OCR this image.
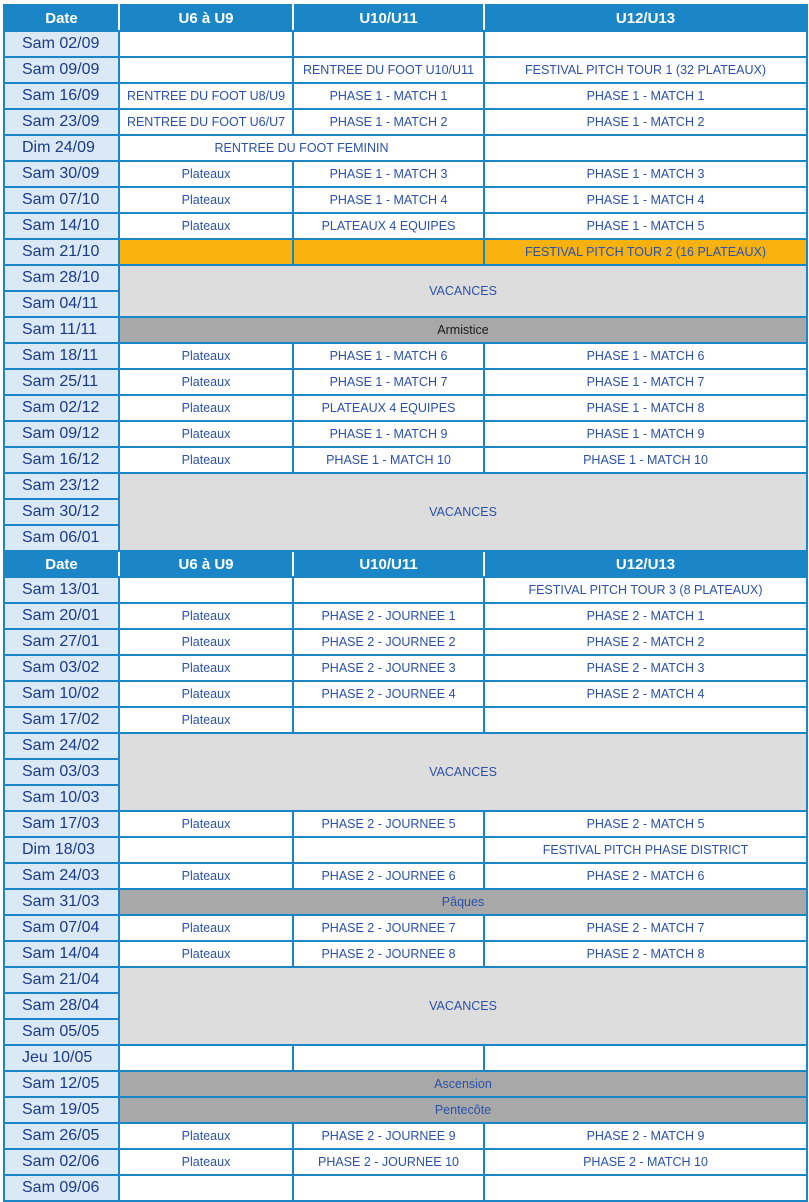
Date	U6 à U9	U10/U11	U12/U13
Sam 02/09			
Sam 09/09		RENTREE DU FOOT U10/U11	FESTIVAL PITCH TOUR 1 (32 PLATEAUX)
Sam 16/09	RENTREE DU FOOT U8/U9	PHASE 1 - MATCH 1	PHASE 1 - MATCH 1
Sam 23/09	RENTREE DU FOOT U6/U7	PHASE 1 - MATCH 2	PHASE 1 - MATCH 2
Dim 24/09	RENTREE DU FOOT FEMININ		
Sam 30/09	Plateaux	PHASE 1 - MATCH 3	PHASE 1 - MATCH 3
Sam 07/10	Plateaux	PHASE 1 - MATCH 4	PHASE 1 - MATCH 4
Sam 14/10	Plateaux	PLATEAUX 4 EQUIPES	PHASE 1 - MATCH 5
Sam 21/10			FESTIVAL PITCH TOUR 2 (16 PLATEAUX)
Sam 28/10	VACANCES		
Sam 04/11			
Sam 11/11	Armistice		
Sam 18/11	Plateaux	PHASE 1 - MATCH 6	PHASE 1 - MATCH 6
Sam 25/11	Plateaux	PHASE 1 - MATCH 7	PHASE 1 - MATCH 7
Sam 02/12	Plateaux	PLATEAUX 4 EQUIPES	PHASE 1 - MATCH 8
Sam 09/12	Plateaux	PHASE 1 - MATCH 9	PHASE 1 - MATCH 9
Sam 16/12	Plateaux	PHASE 1 - MATCH 10	PHASE 1 - MATCH 10
Sam 23/12	VACANCES		
Sam 30/12			
Sam 06/01			
Date	U6 à U9	U10/U11	U12/U13
Sam 13/01			FESTIVAL PITCH TOUR 3 (8 PLATEAUX)
Sam 20/01	Plateaux	PHASE 2 - JOURNEE 1	PHASE 2 - MATCH 1
Sam 27/01	Plateaux	PHASE 2 - JOURNEE 2	PHASE 2 - MATCH 2
Sam 03/02	Plateaux	PHASE 2 - JOURNEE 3	PHASE 2 - MATCH 3
Sam 10/02	Plateaux	PHASE 2 - JOURNEE 4	PHASE 2 - MATCH 4
Sam 17/02	Plateaux		
Sam 24/02	VACANCES		
Sam 03/03			
Sam 10/03			
Sam 17/03	Plateaux	PHASE 2 - JOURNEE 5	PHASE 2 - MATCH 5
Dim 18/03			FESTIVAL PITCH PHASE DISTRICT
Sam 24/03	Plateaux	PHASE 2 - JOURNEE 6	PHASE 2 - MATCH 6
Sam 31/03	Pâques		
Sam 07/04	Plateaux	PHASE 2 - JOURNEE 7	PHASE 2 - MATCH 7
Sam 14/04	Plateaux	PHASE 2 - JOURNEE 8	PHASE 2 - MATCH 8
Sam 21/04	VACANCES		
Sam 28/04			
Sam 05/05			
Jeu 10/05			
Sam 12/05	Ascension		
Sam 19/05	Pentecôte		
Sam 26/05	Plateaux	PHASE 2 - JOURNEE 9	PHASE 2 - MATCH 9
Sam 02/06	Plateaux	PHASE 2 - JOURNEE 10	PHASE 2 - MATCH 10
Sam 09/06			
